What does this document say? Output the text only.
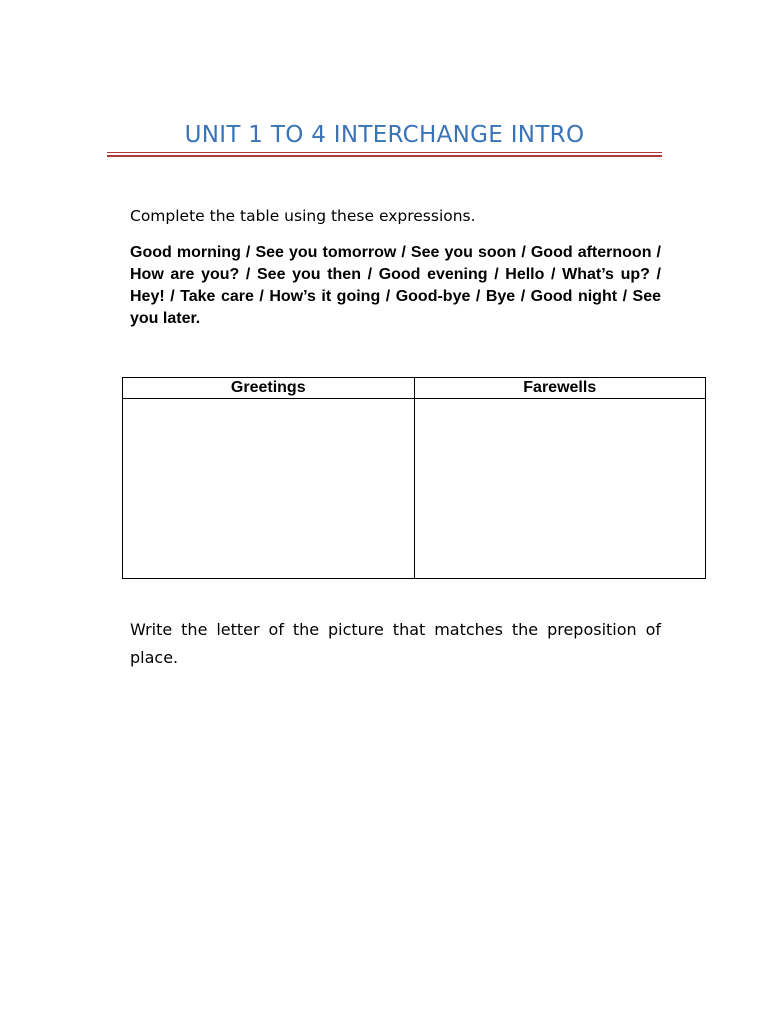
UNIT 1 TO 4 INTERCHANGE INTRO
Complete the table using these expressions.
Good morning / See you tomorrow / See you soon / Good afternoon / How are you? / See you then / Good evening / Hello / What’s up? / Hey! / Take care / How’s it going / Good-bye / Bye / Good night / See you later.
Greetings	Farewells

Write the letter of the picture that matches the preposition of place.
